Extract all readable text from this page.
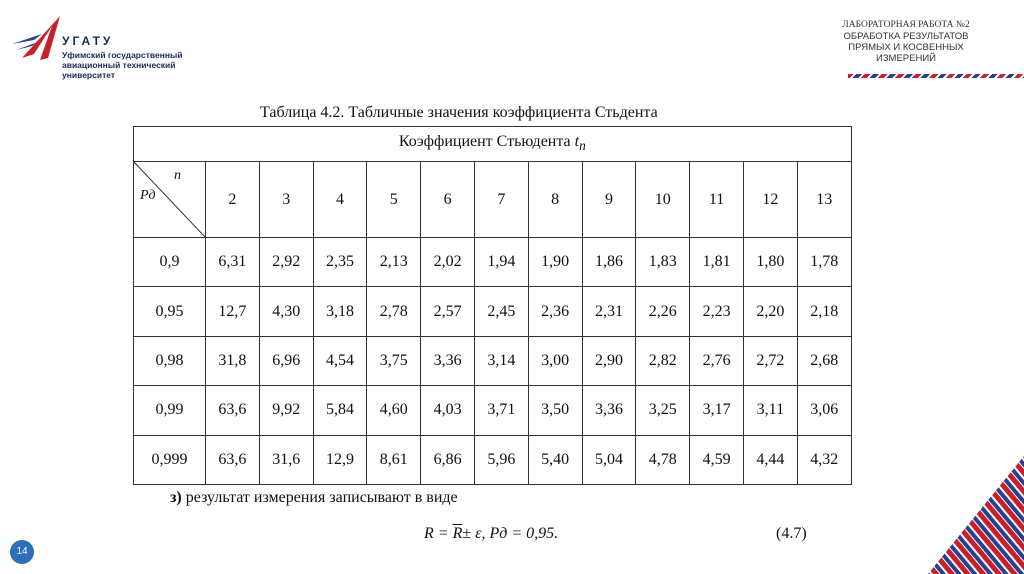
УГАТУ
Уфимский государственный авиационный технический университет
ЛАБОРАТОРНАЯ РАБОТА №2
ОБРАБОТКА РЕЗУЛЬТАТОВ ПРЯМЫХ И КОСВЕННЫХ ИЗМЕРЕНИЙ
Таблица 4.2. Табличные значения коэффициента Стьдента
Коэффициент Стьюдента $t_n$

n
Pд	2	3	4	5	6	7	8	9	10	11	12	13
0,9	6,31	2,92	2,35	2,13	2,02	1,94	1,90	1,86	1,83	1,81	1,80	1,78
0,95	12,7	4,30	3,18	2,78	2,57	2,45	2,36	2,31	2,26	2,23	2,20	2,18
0,98	31,8	6,96	4,54	3,75	3,36	3,14	3,00	2,90	2,82	2,76	2,72	2,68
0,99	63,6	9,92	5,84	4,60	4,03	3,71	3,50	3,36	3,25	3,17	3,11	3,06
0,999	63,6	31,6	12,9	8,61	6,86	5,96	5,40	5,04	4,78	4,59	4,44	4,32
з) результат измерения записывают в виде
$R = \overline{R}\pm \varepsilon$, Pд = 0,95.	(4.7)
14
